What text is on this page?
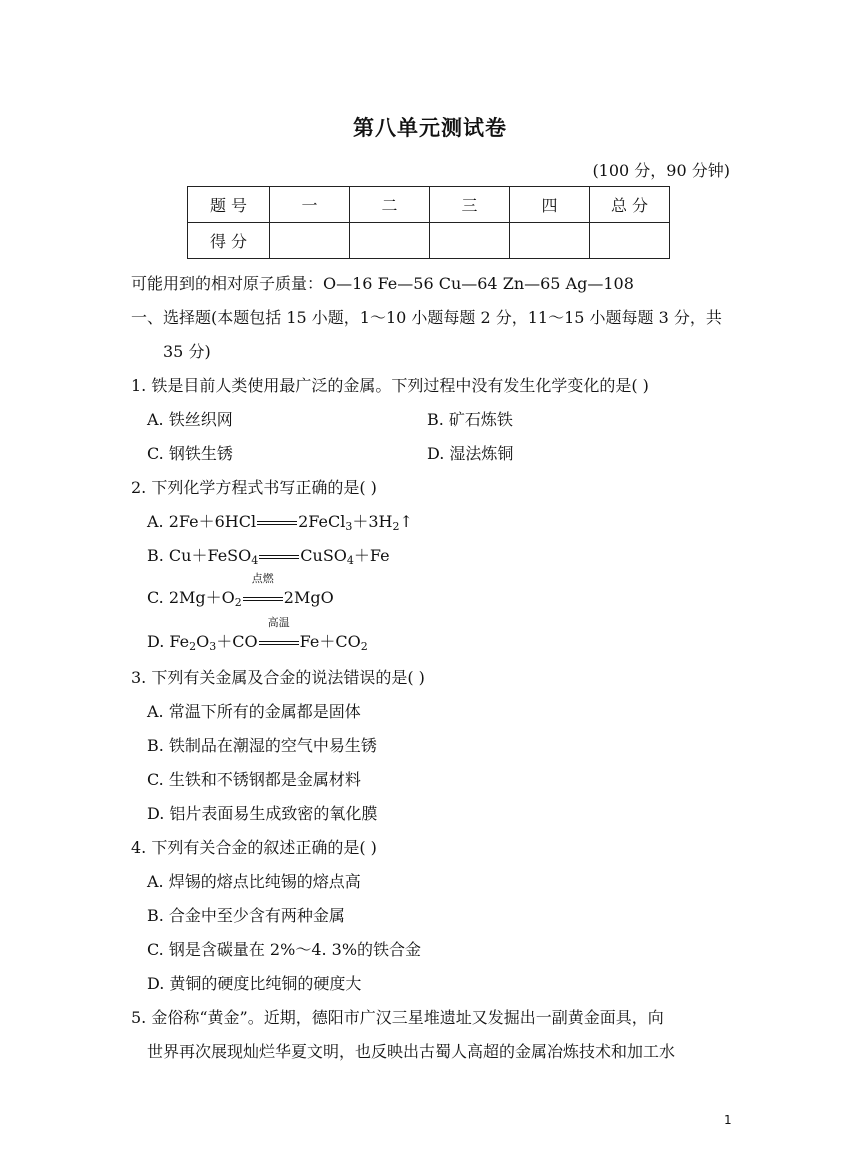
第八单元测试卷
(100 分，90 分钟)
题 号	一	二	三	四	总 分
得 分					
可能用到的相对原子质量：O—16 Fe—56 Cu—64 Zn—65 Ag—108
一、选择题(本题包括 15 小题，1～10 小题每题 2 分，11～15 小题每题 3 分，共
35 分)
1. 铁是目前人类使用最广泛的金属。下列过程中没有发生化学变化的是( )
A. 铁丝织网	B. 矿石炼铁
C. 钢铁生锈	D. 湿法炼铜
2. 下列化学方程式书写正确的是( )
A. 2Fe＋6HCl	$2FeCl_3+3H_2↑$
B. Cu＋FeSO$_4$	CuSO$_4$＋Fe
C. $2Mg+O_2$
点燃
2MgO
D. $Fe_2O_3+CO$
高温
$Fe+CO_2$
3. 下列有关金属及合金的说法错误的是( )
A. 常温下所有的金属都是固体
B. 铁制品在潮湿的空气中易生锈
C. 生铁和不锈钢都是金属材料
D. 铝片表面易生成致密的氧化膜
4. 下列有关合金的叙述正确的是( )
A. 焊锡的熔点比纯锡的熔点高
B. 合金中至少含有两种金属
C. 钢是含碳量在 2%～4. 3%的铁合金
D. 黄铜的硬度比纯铜的硬度大
5. 金俗称“黄金”。近期，德阳市广汉三星堆遗址又发掘出一副黄金面具，向
世界再次展现灿烂华夏文明，也反映出古蜀人高超的金属冶炼技术和加工水
1
